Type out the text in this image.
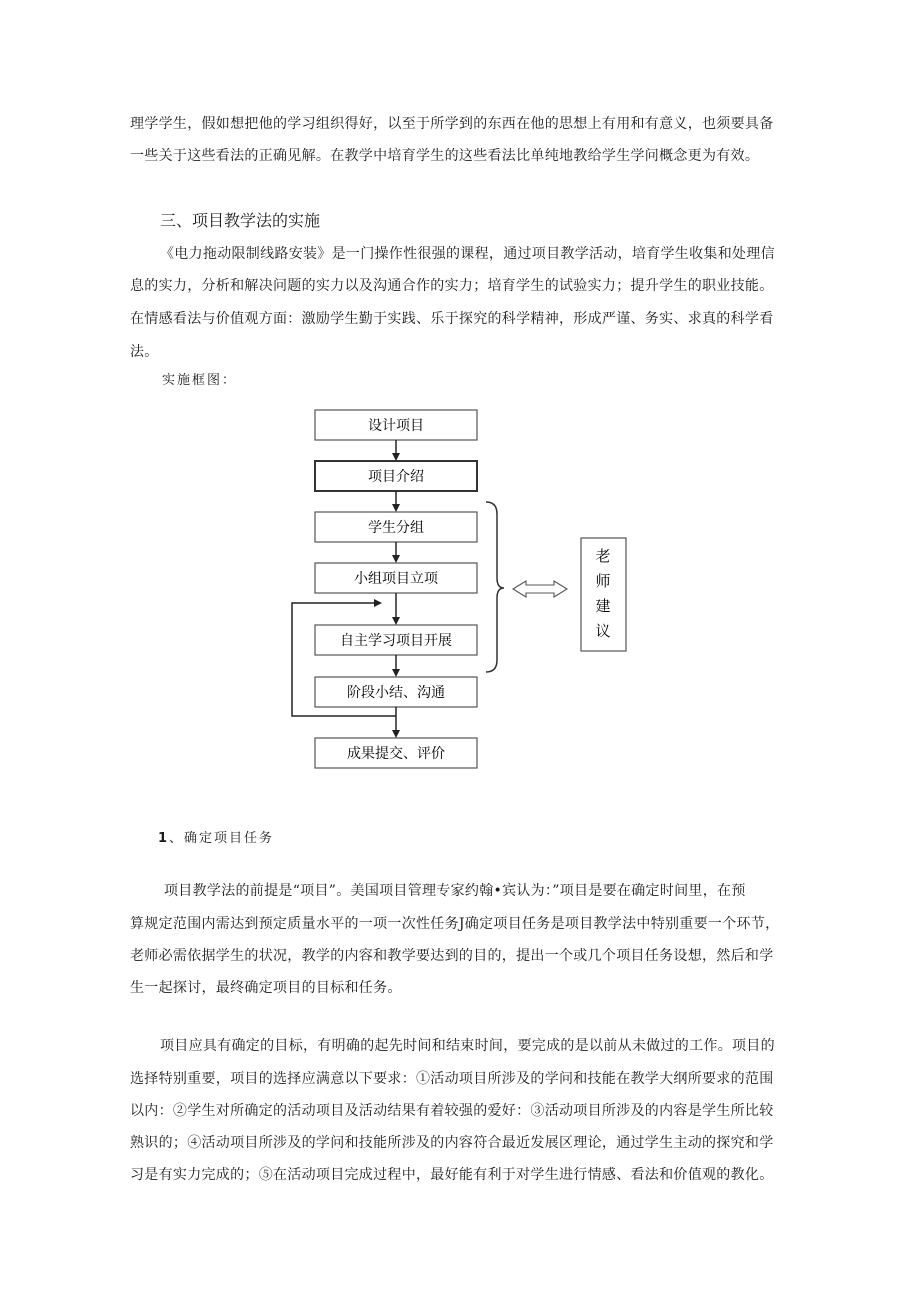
理学学生，假如想把他的学习组织得好，以至于所学到的东西在他的思想上有用和有意义，也须要具备

一些关于这些看法的正确见解。在教学中培育学生的这些看法比单纯地教给学生学问概念更为有效。

三、项目教学法的实施

《电力拖动限制线路安装》是一门操作性很强的课程，通过项目教学活动，培育学生收集和处理信

息的实力，分析和解决问题的实力以及沟通合作的实力；培育学生的试验实力；提升学生的职业技能。

在情感看法与价值观方面：激励学生勤于实践、乐于探究的科学精神，形成严谨、务实、求真的科学看

法。

实施框图：

设计项目
项目介绍
学生分组
小组项目立项
自主学习项目开展
阶段小结、沟通
成果提交、评价
老
师
建
议

1、确定项目任务

项目教学法的前提是“项目”。美国项目管理专家约翰•宾认为：”项目是要在确定时间里，在预

算规定范围内需达到预定质量水平的一项一次性任务J确定项目任务是项目教学法中特别重要一个环节，

老师必需依据学生的状况，教学的内容和教学要达到的目的，提出一个或几个项目任务设想，然后和学

生一起探讨，最终确定项目的目标和任务。

项目应具有确定的目标，有明确的起先时间和结束时间，要完成的是以前从未做过的工作。项目的

选择特别重要，项目的选择应满意以下要求：①活动项目所涉及的学问和技能在教学大纲所要求的范围

以内：②学生对所确定的活动项目及活动结果有着较强的爱好：③活动项目所涉及的内容是学生所比较

熟识的；④活动项目所涉及的学问和技能所涉及的内容符合最近发展区理论，通过学生主动的探究和学

习是有实力完成的；⑤在活动项目完成过程中，最好能有利于对学生进行情感、看法和价值观的教化。
